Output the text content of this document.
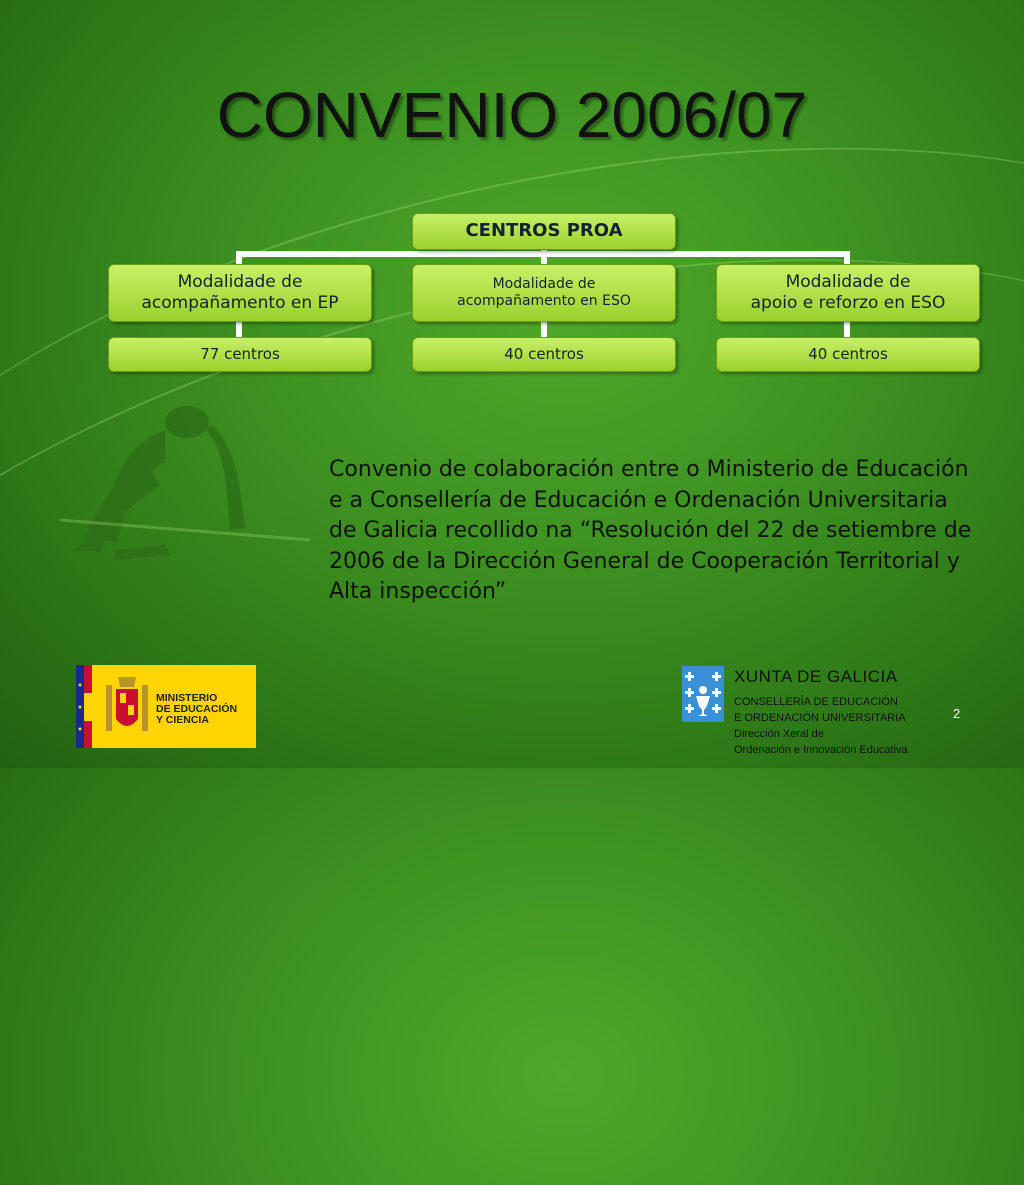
CONVENIO 2006/07
CENTROS PROA
Modalidade de
acompañamento en EP
Modalidade de
acompañamento en ESO
Modalidade de
apoio e reforzo en ESO
77 centros	40 centros	40 centros
Convenio de colaboración entre o Ministerio de Educación e a Consellería de Educación e Ordenación Universitaria de Galicia recollido na “Resolución del 22 de setiembre de 2006 de la Dirección General de Cooperación Territorial y Alta inspección”
MINISTERIO
DE EDUCACIÓN
Y CIENCIA
XUNTA DE GALICIA
CONSELLERÍA DE EDUCACIÓN
E ORDENACIÓN UNIVERSITARIA
Dirección Xeral de
Ordenación e Innovación Educativa
2
